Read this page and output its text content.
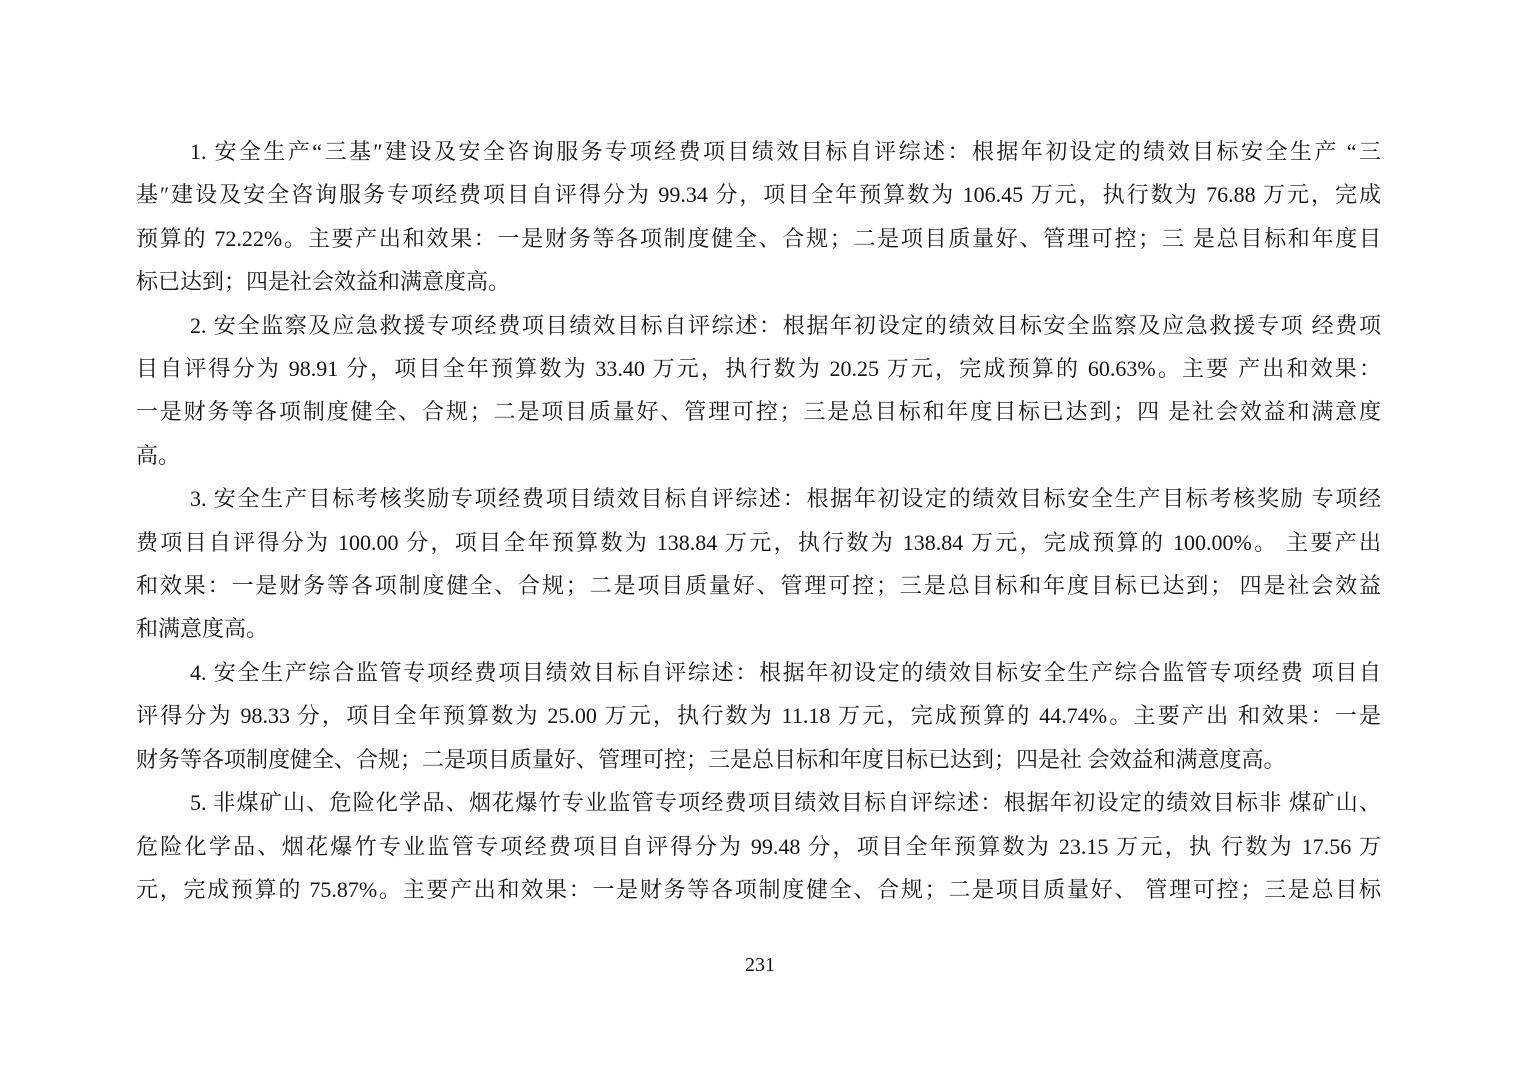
1. 安全生产“三基″建设及安全咨询服务专项经费项目绩效目标自评综述：根据年初设定的绩效目标安全生产 “三
基″建设及安全咨询服务专项经费项目自评得分为 99.34 分，项目全年预算数为 106.45 万元，执行数为 76.88 万元，完成
预算的 72.22%。主要产出和效果：一是财务等各项制度健全、合规；二是项目质量好、管理可控；三 是总目标和年度目
标已达到；四是社会效益和满意度高。
2. 安全监察及应急救援专项经费项目绩效目标自评综述：根据年初设定的绩效目标安全监察及应急救援专项 经费项
目自评得分为 98.91 分，项目全年预算数为 33.40 万元，执行数为 20.25 万元，完成预算的 60.63%。主要 产出和效果：
一是财务等各项制度健全、合规；二是项目质量好、管理可控；三是总目标和年度目标已达到；四 是社会效益和满意度
高。
3. 安全生产目标考核奖励专项经费项目绩效目标自评综述：根据年初设定的绩效目标安全生产目标考核奖励 专项经
费项目自评得分为 100.00 分，项目全年预算数为 138.84 万元，执行数为 138.84 万元，完成预算的 100.00%。 主要产出
和效果：一是财务等各项制度健全、合规；二是项目质量好、管理可控；三是总目标和年度目标已达到； 四是社会效益
和满意度高。
4. 安全生产综合监管专项经费项目绩效目标自评综述：根据年初设定的绩效目标安全生产综合监管专项经费 项目自
评得分为 98.33 分，项目全年预算数为 25.00 万元，执行数为 11.18 万元，完成预算的 44.74%。主要产出 和效果：一是
财务等各项制度健全、合规；二是项目质量好、管理可控；三是总目标和年度目标已达到；四是社 会效益和满意度高。
5. 非煤矿山、危险化学品、烟花爆竹专业监管专项经费项目绩效目标自评综述：根据年初设定的绩效目标非 煤矿山、
危险化学品、烟花爆竹专业监管专项经费项目自评得分为 99.48 分，项目全年预算数为 23.15 万元，执 行数为 17.56 万
元，完成预算的 75.87%。主要产出和效果：一是财务等各项制度健全、合规；二是项目质量好、 管理可控；三是总目标
231
